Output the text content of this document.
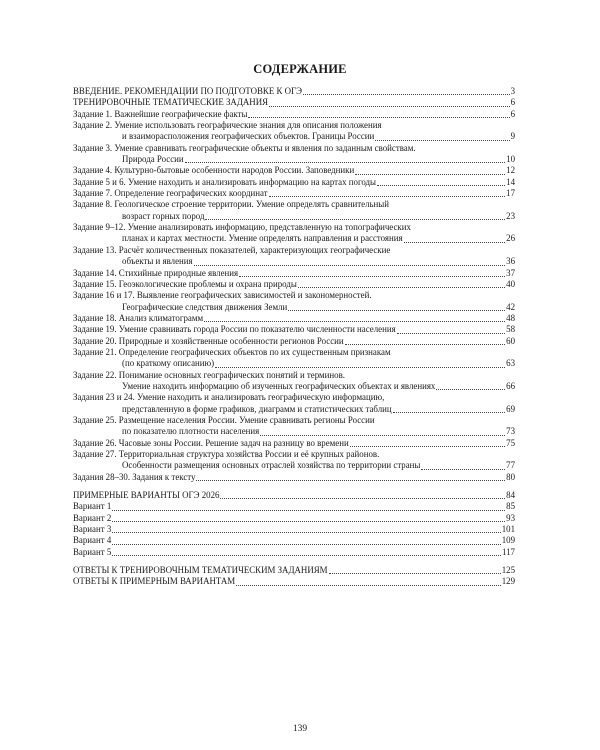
СОДЕРЖАНИЕ
ВВЕДЕНИЕ. РЕКОМЕНДАЦИИ ПО ПОДГОТОВКЕ К ОГЭ	3
ТРЕНИРОВОЧНЫЕ ТЕМАТИЧЕСКИЕ ЗАДАНИЯ	6
Задание 1. Важнейшие географические факты	6
Задание 2. Умение использовать географические знания для описания положения
и взаиморасположения географических объектов. Границы России	9
Задание 3. Умение сравнивать географические объекты и явления по заданным свойствам.
Природа России	10
Задание 4. Культурно-бытовые особенности народов России. Заповедники	12
Задание 5 и 6. Умение находить и анализировать информацию на картах погоды	14
Задание 7. Определение географических координат	17
Задание 8. Геологическое строение территории. Умение определять сравнительный
возраст горных пород	23
Задание 9–12. Умение анализировать информацию, представленную на топографических
планах и картах местности. Умение определять направления и расстояния	26
Задание 13. Расчёт количественных показателей, характеризующих географические
объекты и явления	36
Задание 14. Стихийные природные явления	37
Задание 15. Геоэкологические проблемы и охрана природы	40
Задание 16 и 17. Выявление географических зависимостей и закономерностей.
Географические следствия движения Земли	42
Задание 18. Анализ климатограмм	48
Задание 19. Умение сравнивать города России по показателю численности населения	58
Задание 20. Природные и хозяйственные особенности регионов России	60
Задание 21. Определение географических объектов по их существенным признакам
(по краткому описанию)	63
Задание 22. Понимание основных географических понятий и терминов.
Умение находить информацию об изученных географических объектах и явлениях	66
Задания 23 и 24. Умение находить и анализировать географическую информацию,
представленную в форме графиков, диаграмм и статистических таблиц	69
Задание 25. Размещение населения России. Умение сравнивать регионы России
по показателю плотности населения	73
Задание 26. Часовые зоны России. Решение задач на разницу во времени	75
Задание 27. Территориальная структура хозяйства России и её крупных районов.
Особенности размещения основных отраслей хозяйства по территории страны	77
Задания 28–30. Задания к тексту	80
ПРИМЕРНЫЕ ВАРИАНТЫ ОГЭ 2026	84
Вариант 1	85
Вариант 2	93
Вариант 3	101
Вариант 4	109
Вариант 5	117
ОТВЕТЫ К ТРЕНИРОВОЧНЫМ ТЕМАТИЧЕСКИМ ЗАДАНИЯМ	125
ОТВЕТЫ К ПРИМЕРНЫМ ВАРИАНТАМ	129
139
